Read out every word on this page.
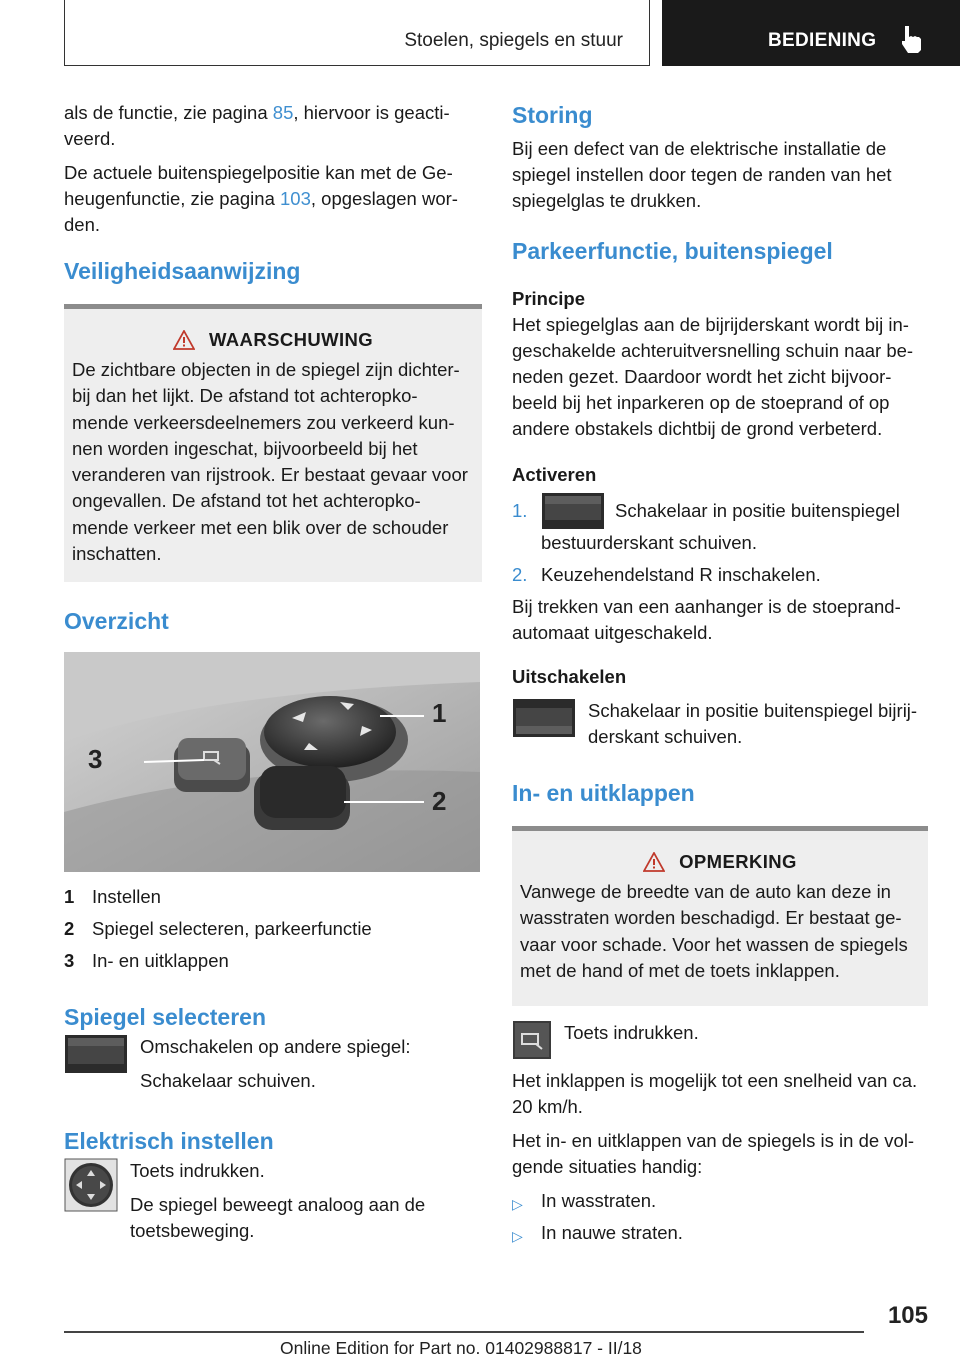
Stoelen, spiegels en stuur	BEDIENING

als de functie, zie pagina 85, hiervoor is geacti-
veerd.

De actuele buitenspiegelpositie kan met de Ge-
heugenfunctie, zie pagina 103, opgeslagen wor-
den.

Veiligheidsaanwijzing
WAARSCHUWING
De zichtbare objecten in de spiegel zijn dichter-
bij dan het lijkt. De afstand tot achteropko-
mende verkeersdeelnemers zou verkeerd kun-
nen worden ingeschat, bijvoorbeeld bij het
veranderen van rijstrook. Er bestaat gevaar voor
ongevallen. De afstand tot het achteropko-
mende verkeer met een blik over de schouder
inschatten.
Overzicht
1
2
3
1 Instellen
2 Spiegel selecteren, parkeerfunctie
3 In- en uitklappen
Spiegel selecteren

Omschakelen op andere spiegel:

Schakelaar schuiven.

Elektrisch instellen

Toets indrukken.

De spiegel beweegt analoog aan de
toetsbeweging.

Storing

Bij een defect van de elektrische installatie de
spiegel instellen door tegen de randen van het
spiegelglas te drukken.

Parkeerfunctie, buitenspiegel
Principe

Het spiegelglas aan de bijrijderskant wordt bij in-
geschakelde achteruitversnelling schuin naar be-
neden gezet. Daardoor wordt het zicht bijvoor-
beeld bij het inparkeren op de stoeprand of op
andere obstakels dichtbij de grond verbeterd.

Activeren
1.	Schakelaar in positie buitenspiegel
bestuurderskant schuiven.
2. Keuzehendelstand R inschakelen.

Bij trekken van een aanhanger is de stoeprand-
automaat uitgeschakeld.

Uitschakelen

Schakelaar in positie buitenspiegel bijrij-
derskant schuiven.

In- en uitklappen
OPMERKING
Vanwege de breedte van de auto kan deze in
wasstraten worden beschadigd. Er bestaat ge-
vaar voor schade. Voor het wassen de spiegels
met de hand of met de toets inklappen.

Toets indrukken.

Het inklappen is mogelijk tot een snelheid van ca.
20 km/h.

Het in- en uitklappen van de spiegels is in de vol-
gende situaties handig:

▷ In wasstraten.
▷ In nauwe straten.
105
Online Edition for Part no. 01402988817 - II/18
